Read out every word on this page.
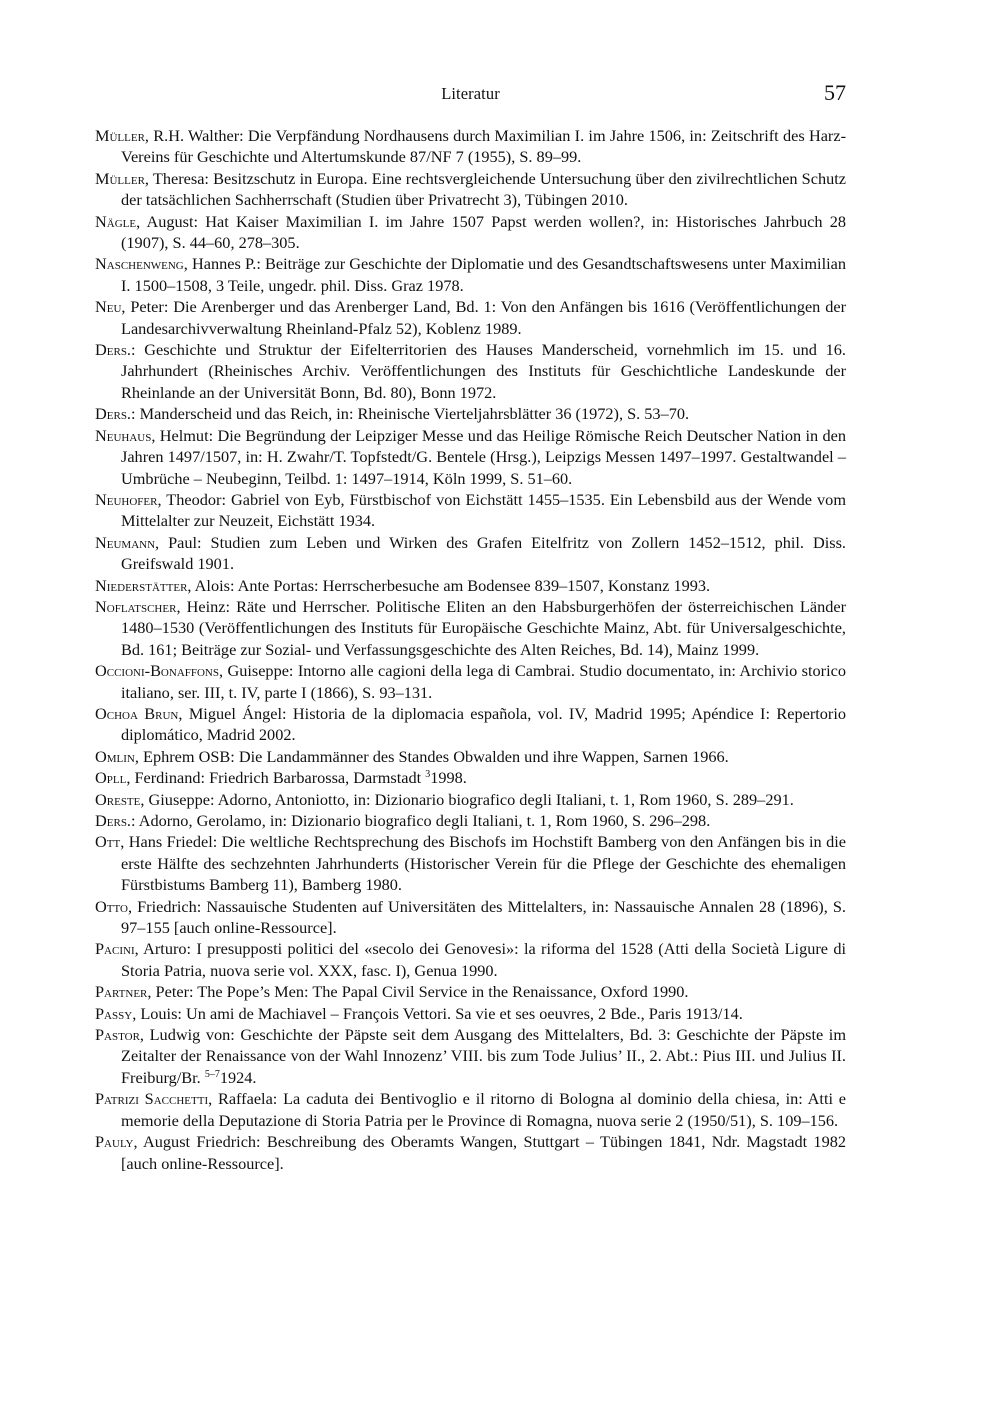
Literatur	57

Müller, R.H. Walther: Die Verpfändung Nordhausens durch Maximilian I. im Jahre 1506, in: Zeitschrift des Harz-Vereins für Geschichte und Altertumskunde 87/NF 7 (1955), S. 89–99.

Müller, Theresa: Besitzschutz in Europa. Eine rechtsvergleichende Untersuchung über den zivilrechtlichen Schutz der tatsächlichen Sachherrschaft (Studien über Privatrecht 3), Tübingen 2010.

Nägle, August: Hat Kaiser Maximilian I. im Jahre 1507 Papst werden wollen?, in: Historisches Jahrbuch 28 (1907), S. 44–60, 278–305.

Naschenweng, Hannes P.: Beiträge zur Geschichte der Diplomatie und des Gesandtschaftswesens unter Maximilian I. 1500–1508, 3 Teile, ungedr. phil. Diss. Graz 1978.

Neu, Peter: Die Arenberger und das Arenberger Land, Bd. 1: Von den Anfängen bis 1616 (Veröffentlichungen der Landesarchivverwaltung Rheinland-Pfalz 52), Koblenz 1989.

Ders.: Geschichte und Struktur der Eifelterritorien des Hauses Manderscheid, vornehmlich im 15. und 16. Jahrhundert (Rheinisches Archiv. Veröffentlichungen des Instituts für Geschichtliche Landeskunde der Rheinlande an der Universität Bonn, Bd. 80), Bonn 1972.

Ders.: Manderscheid und das Reich, in: Rheinische Vierteljahrsblätter 36 (1972), S. 53–70.

Neuhaus, Helmut: Die Begründung der Leipziger Messe und das Heilige Römische Reich Deutscher Nation in den Jahren 1497/1507, in: H. Zwahr/T. Topfstedt/G. Bentele (Hrsg.), Leipzigs Messen 1497–1997. Gestaltwandel – Umbrüche – Neubeginn, Teilbd. 1: 1497–1914, Köln 1999, S. 51–60.

Neuhofer, Theodor: Gabriel von Eyb, Fürstbischof von Eichstätt 1455–1535. Ein Lebensbild aus der Wende vom Mittelalter zur Neuzeit, Eichstätt 1934.

Neumann, Paul: Studien zum Leben und Wirken des Grafen Eitelfritz von Zollern 1452–1512, phil. Diss. Greifswald 1901.

Niederstätter, Alois: Ante Portas: Herrscherbesuche am Bodensee 839–1507, Konstanz 1993.

Noflatscher, Heinz: Räte und Herrscher. Politische Eliten an den Habsburgerhöfen der österreichischen Länder 1480–1530 (Veröffentlichungen des Instituts für Europäische Geschichte Mainz, Abt. für Universalgeschichte, Bd. 161; Beiträge zur Sozial- und Verfassungsgeschichte des Alten Reiches, Bd. 14), Mainz 1999.

Occioni-Bonaffons, Guiseppe: Intorno alle cagioni della lega di Cambrai. Studio documentato, in: Archivio storico italiano, ser. III, t. IV, parte I (1866), S. 93–131.

Ochoa Brun, Miguel Ángel: Historia de la diplomacia española, vol. IV, Madrid 1995; Apéndice I: Repertorio diplomático, Madrid 2002.

Omlin, Ephrem OSB: Die Landammänner des Standes Obwalden und ihre Wappen, Sarnen 1966.

Opll, Ferdinand: Friedrich Barbarossa, Darmstadt $^3$1998.

Oreste, Giuseppe: Adorno, Antoniotto, in: Dizionario biografico degli Italiani, t. 1, Rom 1960, S. 289–291.

Ders.: Adorno, Gerolamo, in: Dizionario biografico degli Italiani, t. 1, Rom 1960, S. 296–298.

Ott, Hans Friedel: Die weltliche Rechtsprechung des Bischofs im Hochstift Bamberg von den Anfängen bis in die erste Hälfte des sechzehnten Jahrhunderts (Historischer Verein für die Pflege der Geschichte des ehemaligen Fürstbistums Bamberg 11), Bamberg 1980.

Otto, Friedrich: Nassauische Studenten auf Universitäten des Mittelalters, in: Nassauische Annalen 28 (1896), S. 97–155 [auch online-Ressource].

Pacini, Arturo: I presupposti politici del «secolo dei Genovesi»: la riforma del 1528 (Atti della Società Ligure di Storia Patria, nuova serie vol. XXX, fasc. I), Genua 1990.

Partner, Peter: The Pope’s Men: The Papal Civil Service in the Renaissance, Oxford 1990.

Passy, Louis: Un ami de Machiavel – François Vettori. Sa vie et ses oeuvres, 2 Bde., Paris 1913/14.

Pastor, Ludwig von: Geschichte der Päpste seit dem Ausgang des Mittelalters, Bd. 3: Geschichte der Päpste im Zeitalter der Renaissance von der Wahl Innozenz’ VIII. bis zum Tode Julius’ II., 2. Abt.: Pius III. und Julius II. Freiburg/Br. $^{5-7}$1924.

Patrizi Sacchetti, Raffaela: La caduta dei Bentivoglio e il ritorno di Bologna al dominio della chiesa, in: Atti e memorie della Deputazione di Storia Patria per le Province di Romagna, nuova serie 2 (1950/51), S. 109–156.

Pauly, August Friedrich: Beschreibung des Oberamts Wangen, Stuttgart – Tübingen 1841, Ndr. Magstadt 1982 [auch online-Ressource].
